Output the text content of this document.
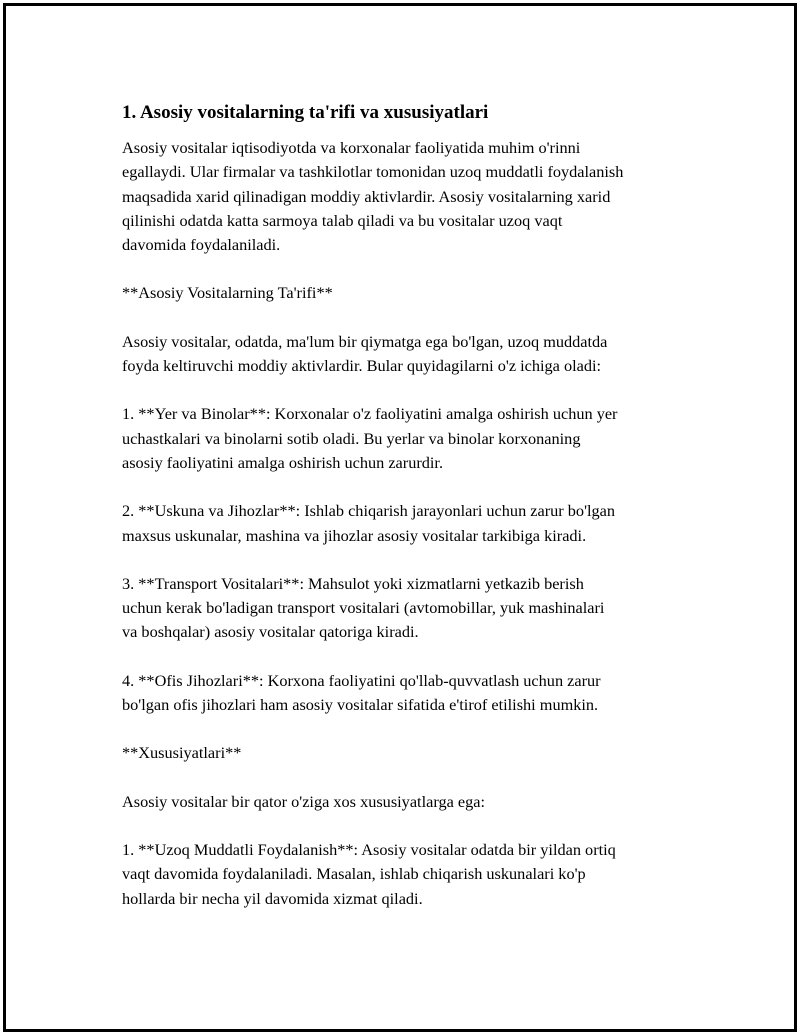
1. Asosiy vositalarning ta'rifi va xususiyatlari
Asosiy vositalar iqtisodiyotda va korxonalar faoliyatida muhim o'rinni
egallaydi. Ular firmalar va tashkilotlar tomonidan uzoq muddatli foydalanish
maqsadida xarid qilinadigan moddiy aktivlardir. Asosiy vositalarning xarid
qilinishi odatda katta sarmoya talab qiladi va bu vositalar uzoq vaqt
davomida foydalaniladi.
**Asosiy Vositalarning Ta'rifi**
Asosiy vositalar, odatda, ma'lum bir qiymatga ega bo'lgan, uzoq muddatda
foyda keltiruvchi moddiy aktivlardir. Bular quyidagilarni o'z ichiga oladi:
1. **Yer va Binolar**: Korxonalar o'z faoliyatini amalga oshirish uchun yer
uchastkalari va binolarni sotib oladi. Bu yerlar va binolar korxonaning
asosiy faoliyatini amalga oshirish uchun zarurdir.
2. **Uskuna va Jihozlar**: Ishlab chiqarish jarayonlari uchun zarur bo'lgan
maxsus uskunalar, mashina va jihozlar asosiy vositalar tarkibiga kiradi.
3. **Transport Vositalari**: Mahsulot yoki xizmatlarni yetkazib berish
uchun kerak bo'ladigan transport vositalari (avtomobillar, yuk mashinalari
va boshqalar) asosiy vositalar qatoriga kiradi.
4. **Ofis Jihozlari**: Korxona faoliyatini qo'llab-quvvatlash uchun zarur
bo'lgan ofis jihozlari ham asosiy vositalar sifatida e'tirof etilishi mumkin.
**Xususiyatlari**
Asosiy vositalar bir qator o'ziga xos xususiyatlarga ega:
1. **Uzoq Muddatli Foydalanish**: Asosiy vositalar odatda bir yildan ortiq
vaqt davomida foydalaniladi. Masalan, ishlab chiqarish uskunalari ko'p
hollarda bir necha yil davomida xizmat qiladi.
